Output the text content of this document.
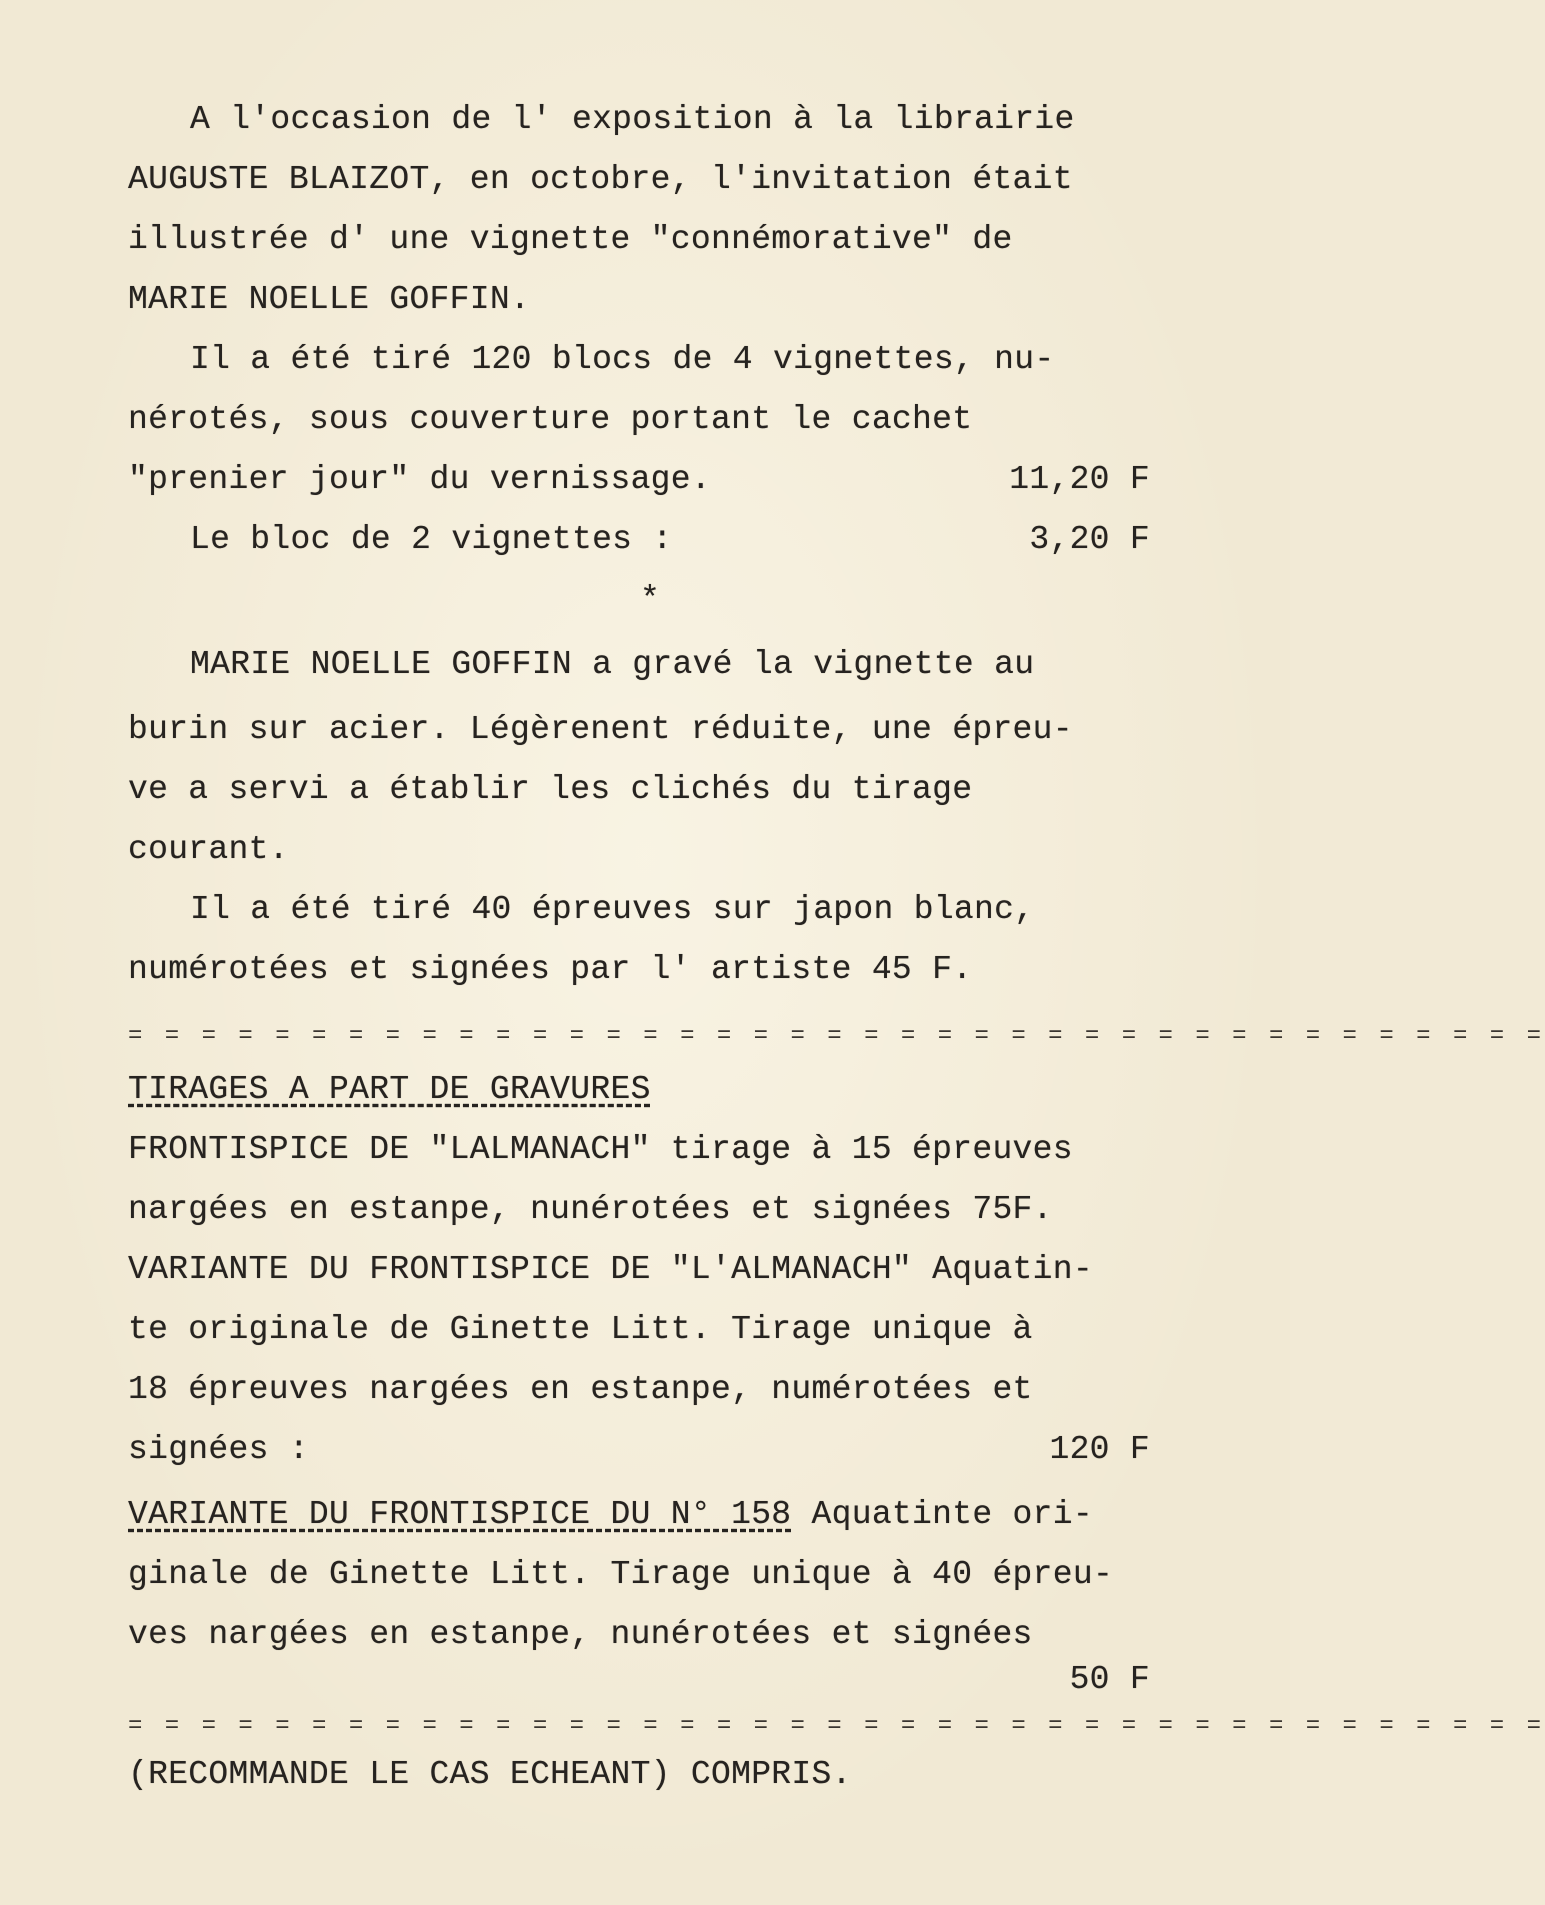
A l'occasion de l' exposition à la librairie
AUGUSTE BLAIZOT, en octobre, l'invitation était
illustrée d' une vignette "connémorative" de
MARIE NOELLE GOFFIN.
Il a été tiré 120 blocs de 4 vignettes, nu-
nérotés, sous couverture portant le cachet
"prenier jour" du vernissage.	11,20 F
Le bloc de 2 vignettes :	3,20 F
*
MARIE NOELLE GOFFIN a gravé la vignette au
burin sur acier. Légèrenent réduite, une épreu-
ve a servi a établir les clichés du tirage
courant.
Il a été tiré 40 épreuves sur japon blanc,
numérotées et signées par l' artiste 45 F.
= = = = = = = = = = = = = = = = = = = = = = = = = = = = = = = = = = = = = = =
TIRAGES A PART DE GRAVURES
FRONTISPICE DE "LALMANACH" tirage à 15 épreuves
nargées en estanpe, nunérotées et signées 75F.
VARIANTE DU FRONTISPICE DE "L'ALMANACH" Aquatin-
te originale de Ginette Litt. Tirage unique à
18 épreuves nargées en estanpe, numérotées et
signées :	120 F
VARIANTE DU FRONTISPICE DU N° 158 Aquatinte ori-
ginale de Ginette Litt. Tirage unique à 40 épreu-
ves nargées en estanpe, nunérotées et signées
50 F
= = = = = = = = = = = = = = = = = = = = = = = = = = = = = = = = = = = = = = =
(RECOMMANDE LE CAS ECHEANT) COMPRIS.
